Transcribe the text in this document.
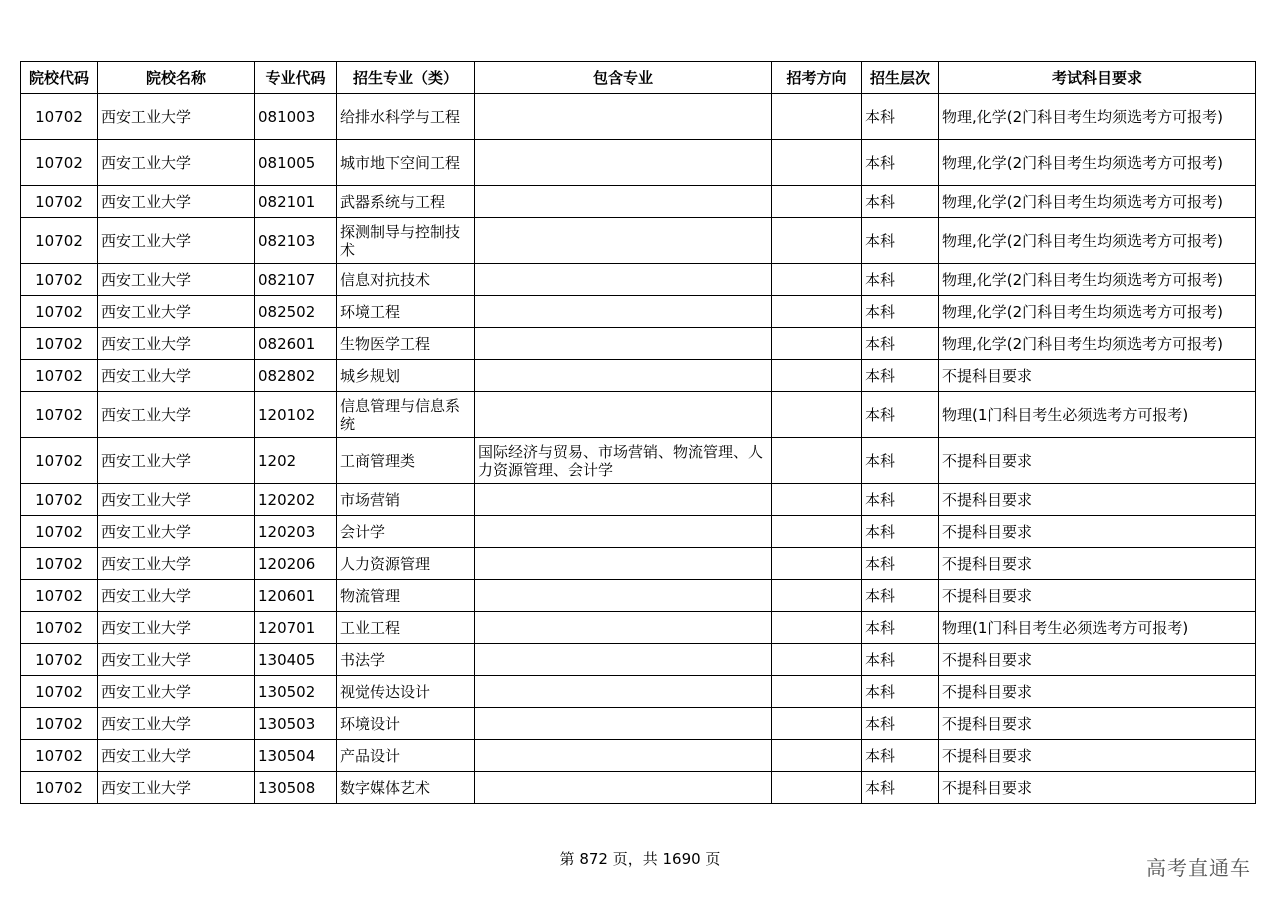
院校代码	院校名称	专业代码	招生专业（类）	包含专业	招考方向	招生层次	考试科目要求
10702	西安工业大学	081003	给排水科学与工程			本科	物理,化学(2门科目考生均须选考方可报考)
10702	西安工业大学	081005	城市地下空间工程			本科	物理,化学(2门科目考生均须选考方可报考)
10702	西安工业大学	082101	武器系统与工程			本科	物理,化学(2门科目考生均须选考方可报考)
10702	西安工业大学	082103	探测制导与控制技术			本科	物理,化学(2门科目考生均须选考方可报考)
10702	西安工业大学	082107	信息对抗技术			本科	物理,化学(2门科目考生均须选考方可报考)
10702	西安工业大学	082502	环境工程			本科	物理,化学(2门科目考生均须选考方可报考)
10702	西安工业大学	082601	生物医学工程			本科	物理,化学(2门科目考生均须选考方可报考)
10702	西安工业大学	082802	城乡规划			本科	不提科目要求
10702	西安工业大学	120102	信息管理与信息系统			本科	物理(1门科目考生必须选考方可报考)
10702	西安工业大学	1202	工商管理类	国际经济与贸易、市场营销、物流管理、人力资源管理、会计学		本科	不提科目要求
10702	西安工业大学	120202	市场营销			本科	不提科目要求
10702	西安工业大学	120203	会计学			本科	不提科目要求
10702	西安工业大学	120206	人力资源管理			本科	不提科目要求
10702	西安工业大学	120601	物流管理			本科	不提科目要求
10702	西安工业大学	120701	工业工程			本科	物理(1门科目考生必须选考方可报考)
10702	西安工业大学	130405	书法学			本科	不提科目要求
10702	西安工业大学	130502	视觉传达设计			本科	不提科目要求
10702	西安工业大学	130503	环境设计			本科	不提科目要求
10702	西安工业大学	130504	产品设计			本科	不提科目要求
10702	西安工业大学	130508	数字媒体艺术			本科	不提科目要求
第 872 页，共 1690 页	高考直通车
